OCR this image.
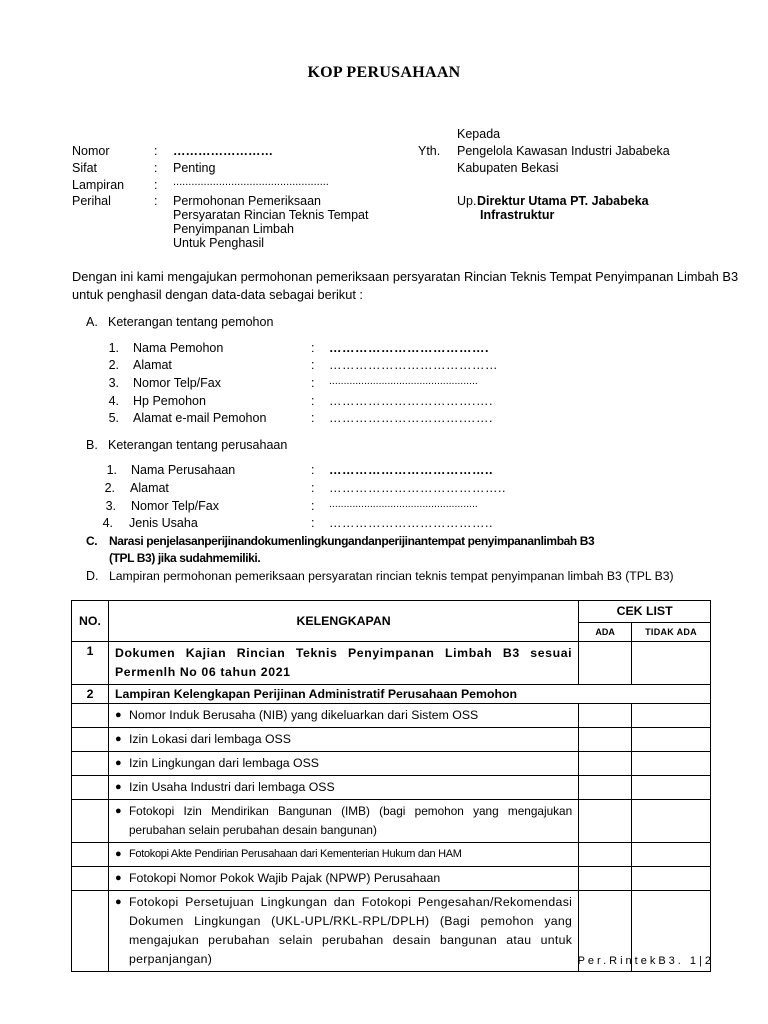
KOP PERUSAHAAN
Nomor	: ……………………
Sifat	: Penting
Lampiran : ...................................................
Perihal	: Permohonan Pemeriksaan
Persyaratan Rincian Teknis Tempat
Penyimpanan Limbah
Untuk Penghasil
Kepada
Yth. Pengelola Kawasan Industri Jababeka
Kabupaten Bekasi
Up. Direktur Utama PT. Jababeka
Infrastruktur
Dengan ini kami mengajukan permohonan pemeriksaan persyaratan Rincian Teknis Tempat Penyimpanan Limbah B3 untuk penghasil dengan data-data sebagai berikut :
A. Keterangan tentang pemohon
1. Nama Pemohon	: ……………………………….
2. Alamat	: …………………………………
3. Nomor Telp/Fax	: ...................................................
4. Hp Pemohon	: …………………………….….
5. Alamat e-mail Pemohon	: ………………………….…….
B. Keterangan tentang perusahaan
1. Nama Perusahaan	: ………………………………..
2. Alamat	: …………………………………..
3. Nomor Telp/Fax	: ...................................................
4. Jenis Usaha	: ………………………………..
C. Narasi penjelasanperijinandokumenlingkungandanperijinantempat penyimpananlimbah B3
(TPL B3) jika sudahmemiliki.
D. Lampiran permohonan pemeriksaan persyaratan rincian teknis tempat penyimpanan limbah B3 (TPL B3)
NO.	KELENGKAPAN	CEK LIST	
		ADA	TIDAK ADA
1	Dokumen Kajian Rincian Teknis Penyimpanan Limbah B3 sesuai Permenlh No 06 tahun 2021		
2	Lampiran Kelengkapan Perijinan Administratif Perusahaan Pemohon		

	● Nomor Induk Berusaha (NIB) yang dikeluarkan dari Sistem OSS		

	● Izin Lokasi dari lembaga OSS		

	● Izin Lingkungan dari lembaga OSS		

	● Izin Usaha Industri dari lembaga OSS		

	● Fotokopi Izin Mendirikan Bangunan (IMB) (bagi pemohon yang mengajukan perubahan selain perubahan desain bangunan)		

	● Fotokopi Akte Pendirian Perusahaan dari Kementerian Hukum dan HAM		

	● Fotokopi Nomor Pokok Wajib Pajak (NPWP) Perusahaan		

	● Fotokopi Persetujuan Lingkungan dan Fotokopi Pengesahan/Rekomendasi Dokumen Lingkungan (UKL-UPL/RKL-RPL/DPLH) (Bagi pemohon yang mengajukan perubahan selain perubahan desain bangunan atau untuk perpanjangan)		
			Per.RintekB3. 1|2
